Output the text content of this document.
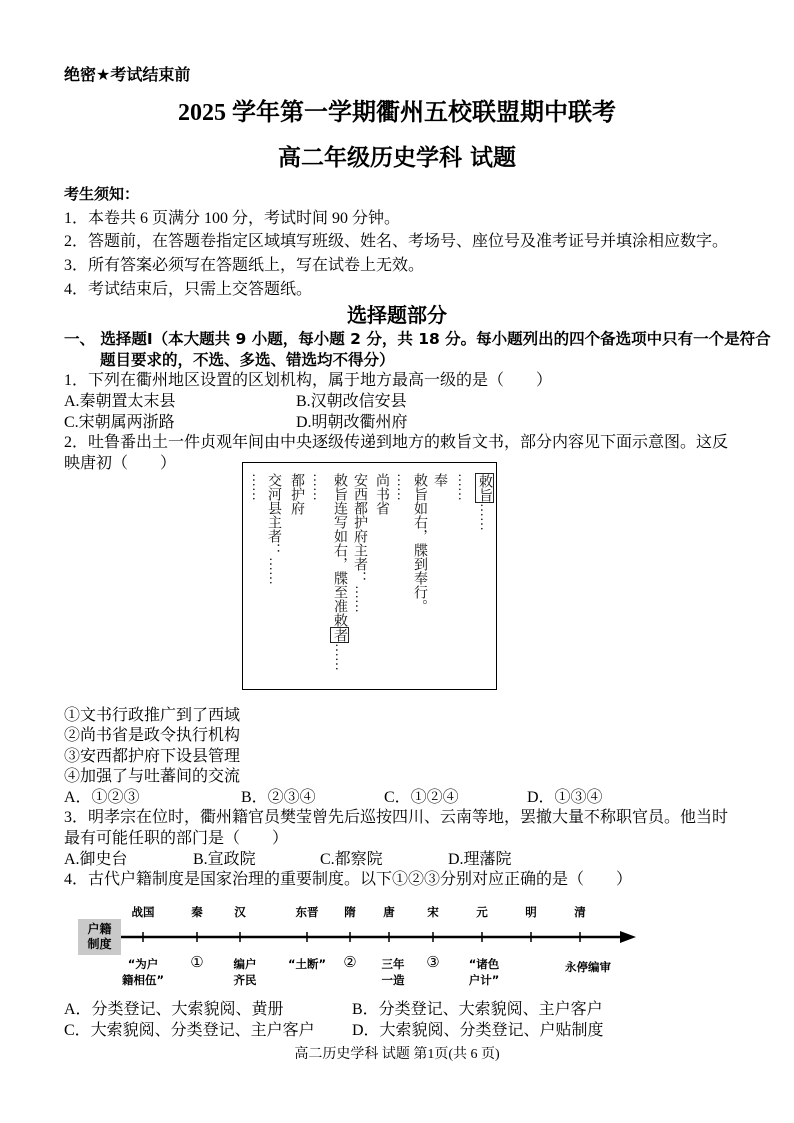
绝密★考试结束前
2025 学年第一学期衢州五校联盟期中联考
高二年级历史学科 试题
考生须知：
1．本卷共 6 页满分 100 分，考试时间 90 分钟。
2．答题前，在答题卷指定区域填写班级、姓名、考场号、座位号及准考证号并填涂相应数字。
3．所有答案必须写在答题纸上，写在试卷上无效。
4．考试结束后，只需上交答题纸。
选择题部分
一、 选择题Ⅰ（本大题共 9 小题，每小题 2 分，共 18 分。每小题列出的四个备选项中只有一个是符合题目要求的，不选、多选、错选均不得分）
1．下列在衢州地区设置的区划机构，属于地方最高一级的是（　　）
A.秦朝置太末县	B.汉朝改信安县
C.宋朝属两浙路	D.明朝改衢州府
2．吐鲁番出土一件贞观年间由中央逐级传递到地方的敕旨文书，部分内容见下面示意图。这反映唐初（　　）
敕旨……
……
奉
敕旨如右，牒到奉行。
……
尚书省
安西都护府主者：……
敕旨连写如右，牒至准敕者……
……
都护府
交河县主者：……
……
①文书行政推广到了西域
②尚书省是政令执行机构
③安西都护府下设县管理
④加强了与吐蕃间的交流
A．①②③	B．②③④	C．①②④	D．①③④
3．明孝宗在位时，衢州籍官员樊莹曾先后巡按四川、云南等地，罢撤大量不称职官员。他当时最有可能任职的部门是（　　）
A.御史台	B.宣政院	C.都察院	D.理藩院
4．古代户籍制度是国家治理的重要制度。以下①②③分别对应正确的是（　　）
户籍制度
战国	秦	汉	东晋	隋	唐	宋	元	明	清
“为户
籍相伍”
①	编户
齐民
“土断”	②	三年
一造
③	“诸色
户计”
永停编审
A．分类登记、大索貌阅、黄册	B．分类登记、大索貌阅、主户客户
C．大索貌阅、分类登记、主户客户 D．大索貌阅、分类登记、户贴制度
高二历史学科 试题 第1页(共 6 页)
